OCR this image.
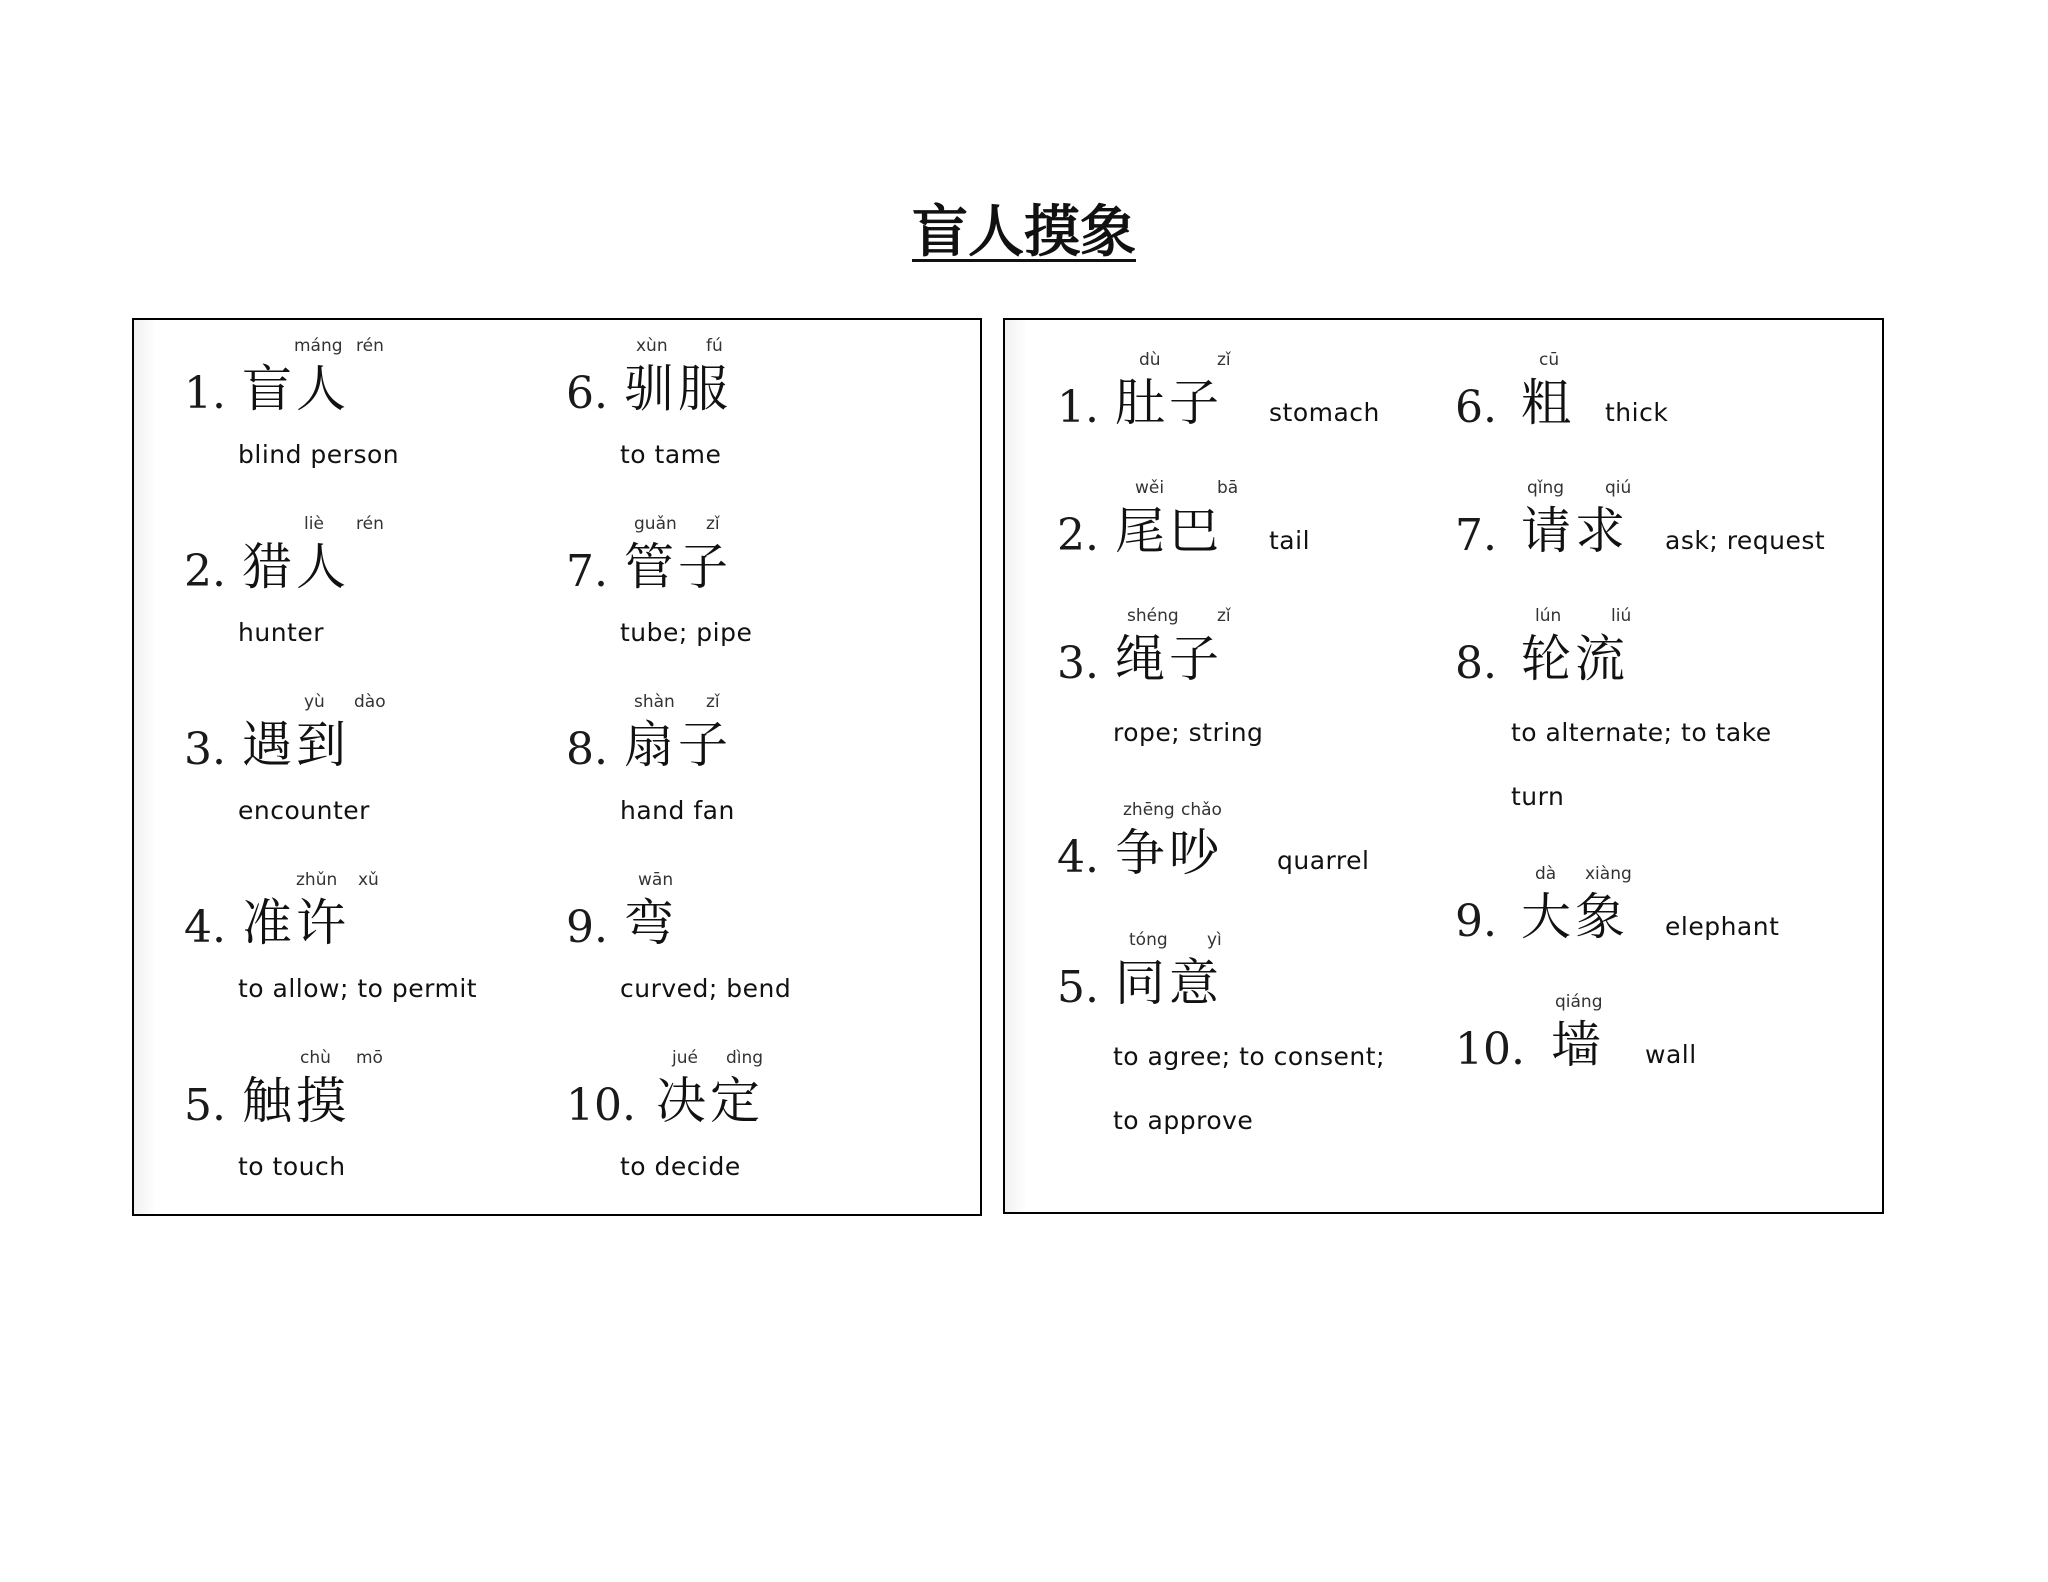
盲人摸象
1.
máng rén
盲人
blind person
2.
liè rén
猎人
hunter
3.
yù dào
遇到
encounter
4.
zhǔn xǔ
准许
to allow; to permit
5.
chù mō
触摸
to touch
6.
xùn fú
驯服
to tame
7.
guǎn zǐ
管子
tube; pipe
8.
shàn zǐ
扇子
hand fan
9.
wān
弯
curved; bend
10.
jué dìng
决定
to decide
1.
dù	zǐ
肚子 stomach
2.
wěi	bā
尾巴 tail
3.
shéng zǐ
绳子
rope; string
4.
zhēng chǎo
争吵 quarrel
5.
tóng yì
同意
to agree; to consent;
to approve
6.
cū
粗 thick
7.
qǐng qiú
请求 ask; request
8.
lún	liú
轮流
to alternate; to take
turn
9.
dà xiàng
大象 elephant
10.
qiáng
墙 wall
